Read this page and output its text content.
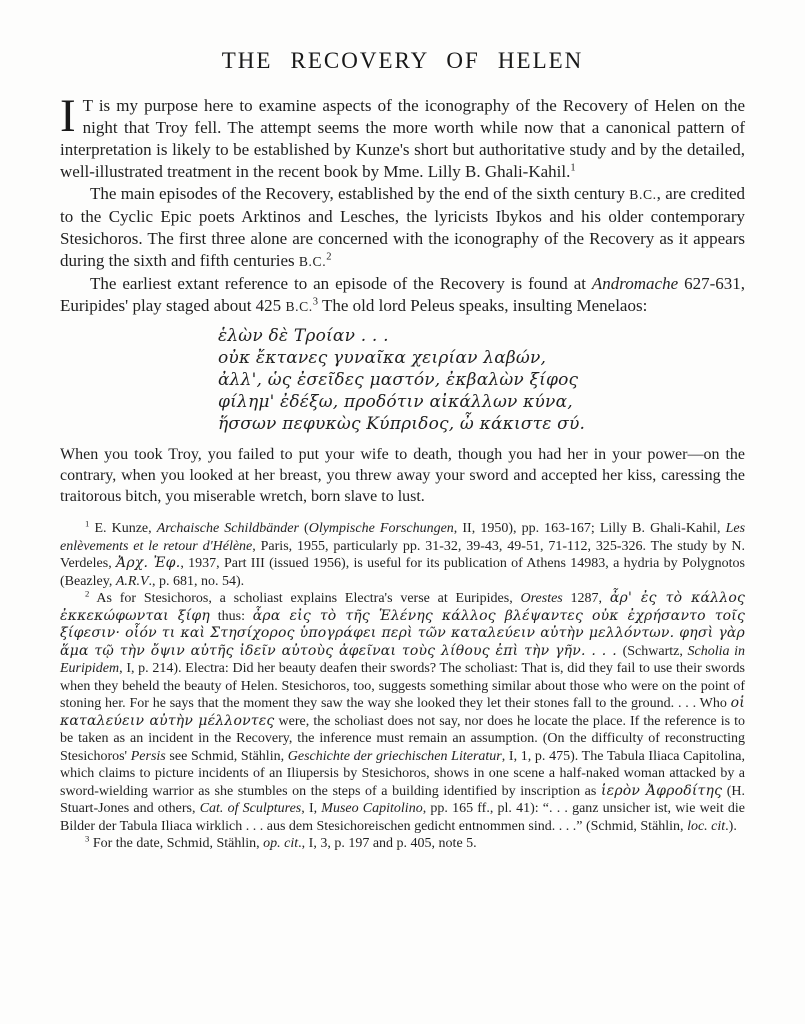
THE RECOVERY OF HELEN

I T is my purpose here to examine aspects of the iconography of the Recovery of Helen on the night that Troy fell. The attempt seems the more worth while now that a canonical pattern of interpretation is likely to be established by Kunze's short but authoritative study and by the detailed, well-illustrated treatment in the recent book by Mme. Lilly B. Ghali-Kahil.$^1$

The main episodes of the Recovery, established by the end of the sixth century B.C., are credited to the Cyclic Epic poets Arktinos and Lesches, the lyricists Ibykos and his older contemporary Stesichoros. The first three alone are concerned with the iconography of the Recovery as it appears during the sixth and fifth centuries B.C.$^2$

The earliest extant reference to an episode of the Recovery is found at Andromache 627-631, Euripides' play staged about 425 B.C.$^3$ The old lord Peleus speaks, insulting Menelaos:

ἑλὼν δὲ Τροίαν . . .
οὐκ ἔκτανες γυναῖκα χειρίαν λαβών,
ἀλλ', ὡς ἐσεῖδες μαστόν, ἐκβαλὼν ξίφος
φίλημ' ἐδέξω, προδότιν αἰκάλλων κύνα,
ἥσσων πεφυκὼς Κύπριδος, ὦ κάκιστε σύ.

When you took Troy, you failed to put your wife to death, though you had her in your power—on the contrary, when you looked at her breast, you threw away your sword and accepted her kiss, caressing the traitorous bitch, you miserable wretch, born slave to lust.

$^1$ E. Kunze, Archaische Schildbänder (Olympische Forschungen, II, 1950), pp. 163-167; Lilly B. Ghali-Kahil, Les enlèvements et le retour d'Hélène, Paris, 1955, particularly pp. 31-32, 39-43, 49-51, 71-112, 325-326. The study by N. Verdeles, Ἀρχ. Ἐφ., 1937, Part III (issued 1956), is useful for its publication of Athens 14983, a hydria by Polygnotos (Beazley, A.R.V., p. 681, no. 54).

$^2$ As for Stesichoros, a scholiast explains Electra's verse at Euripides, Orestes 1287, ἆρ' ἐς τὸ κάλλος ἐκκεκώφωνται ξίφη thus: ἆρα εἰς τὸ τῆς Ἑλένης κάλλος βλέψαντες οὐκ ἐχρήσαντο τοῖς ξίφεσιν· οἷόν τι καὶ Στησίχορος ὑπογράφει περὶ τῶν καταλεύειν αὐτὴν μελλόντων. φησὶ γὰρ ἅμα τῷ τὴν ὄψιν αὐτῆς ἰδεῖν αὐτοὺς ἀφεῖναι τοὺς λίθους ἐπὶ τὴν γῆν. . . . (Schwartz, Scholia in Euripidem, I, p. 214). Electra: Did her beauty deafen their swords? The scholiast: That is, did they fail to use their swords when they beheld the beauty of Helen. Stesichoros, too, suggests something similar about those who were on the point of stoning her. For he says that the moment they saw the way she looked they let their stones fall to the ground. . . . Who οἱ καταλεύειν αὐτὴν μέλλοντες were, the scholiast does not say, nor does he locate the place. If the reference is to be taken as an incident in the Recovery, the inference must remain an assumption. (On the difficulty of reconstructing Stesichoros' Persis see Schmid, Stählin, Geschichte der griechischen Literatur, I, 1, p. 475). The Tabula Iliaca Capitolina, which claims to picture incidents of an Iliupersis by Stesichoros, shows in one scene a half-naked woman attacked by a sword-wielding warrior as she stumbles on the steps of a building identified by inscription as ἱερὸν Ἀφροδίτης (H. Stuart-Jones and others, Cat. of Sculptures, I, Museo Capitolino, pp. 165 ff., pl. 41): “. . . ganz unsicher ist, wie weit die Bilder der Tabula Iliaca wirklich . . . aus dem Stesichoreischen gedicht entnommen sind. . . .” (Schmid, Stählin, loc. cit.).

$^3$ For the date, Schmid, Stählin, op. cit., I, 3, p. 197 and p. 405, note 5.
